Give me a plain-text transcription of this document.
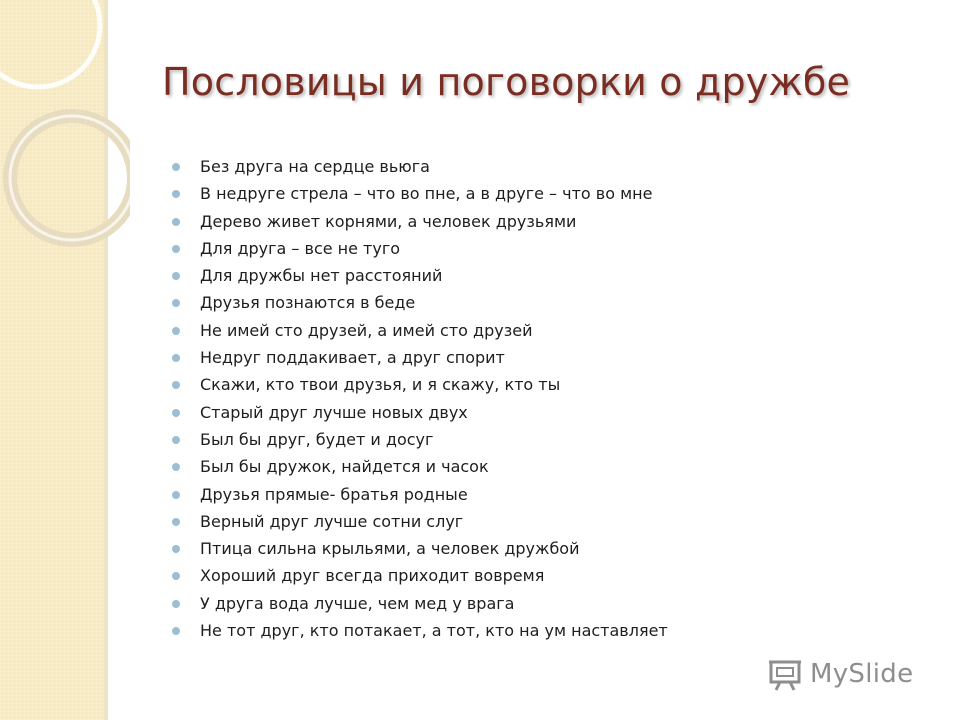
Пословицы и поговорки о дружбе
Без друга на сердце вьюга
В недруге стрела – что во пне, а в друге – что во мне
Дерево живет корнями, а человек друзьями
Для друга – все не туго
Для дружбы нет расстояний
Друзья познаются в беде
Не имей сто друзей, а имей сто друзей
Недруг поддакивает, а друг спорит
Скажи, кто твои друзья, и я скажу, кто ты
Старый друг лучше новых двух
Был бы друг, будет и досуг
Был бы дружок, найдется и часок
Друзья прямые- братья родные
Верный друг лучше сотни слуг
Птица сильна крыльями, а человек дружбой
Хороший друг всегда приходит вовремя
У друга вода лучше, чем мед у врага
Не тот друг, кто потакает, а тот, кто на ум наставляет
MySlide
